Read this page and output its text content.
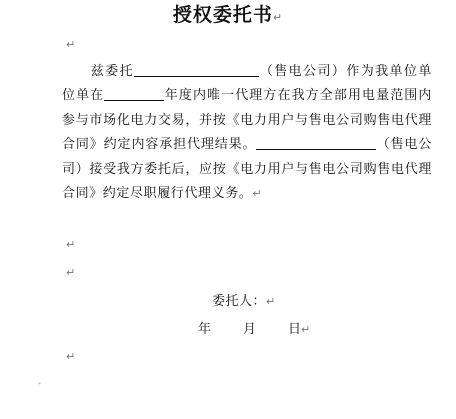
授权委托书↵
↵
兹委托	（售电公司）作为我单位单位单在	年度内唯一代理方在我方全部用电量范围内参与市场化电力交易，并按《电力用户与售电公司购售电代理合同》约定内容承担代理结果。	（售电公司）接受我方委托后，应按《电力用户与售电公司购售电代理合同》约定尽职履行代理义务。↵
↵
↵
委托人：↵
年 月 日↵
↵
˻
